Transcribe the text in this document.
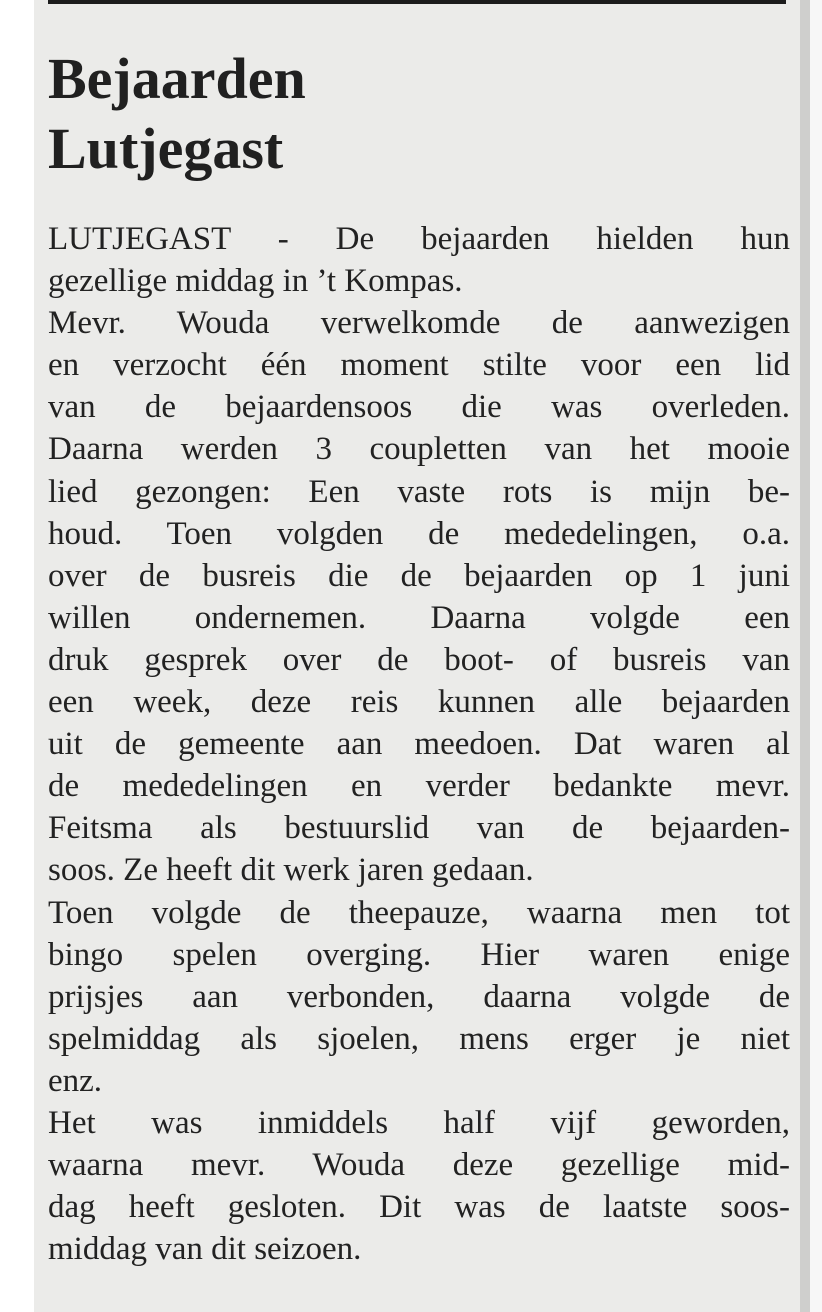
Bejaarden
Lutjegast
LUTJEGAST - De bejaarden hielden hun
gezellige middag in ’t Kompas.
Mevr. Wouda verwelkomde de aanwezigen
en verzocht één moment stilte voor een lid
van de bejaardensoos die was overleden.
Daarna werden 3 coupletten van het mooie
lied gezongen: Een vaste rots is mijn be-
houd. Toen volgden de mededelingen, o.a.
over de busreis die de bejaarden op 1 juni
willen ondernemen. Daarna volgde een
druk gesprek over de boot- of busreis van
een week, deze reis kunnen alle bejaarden
uit de gemeente aan meedoen. Dat waren al
de mededelingen en verder bedankte mevr.
Feitsma als bestuurslid van de bejaarden-
soos. Ze heeft dit werk jaren gedaan.
Toen volgde de theepauze, waarna men tot
bingo spelen overging. Hier waren enige
prijsjes aan verbonden, daarna volgde de
spelmiddag als sjoelen, mens erger je niet
enz.
Het was inmiddels half vijf geworden,
waarna mevr. Wouda deze gezellige mid-
dag heeft gesloten. Dit was de laatste soos-
middag van dit seizoen.
